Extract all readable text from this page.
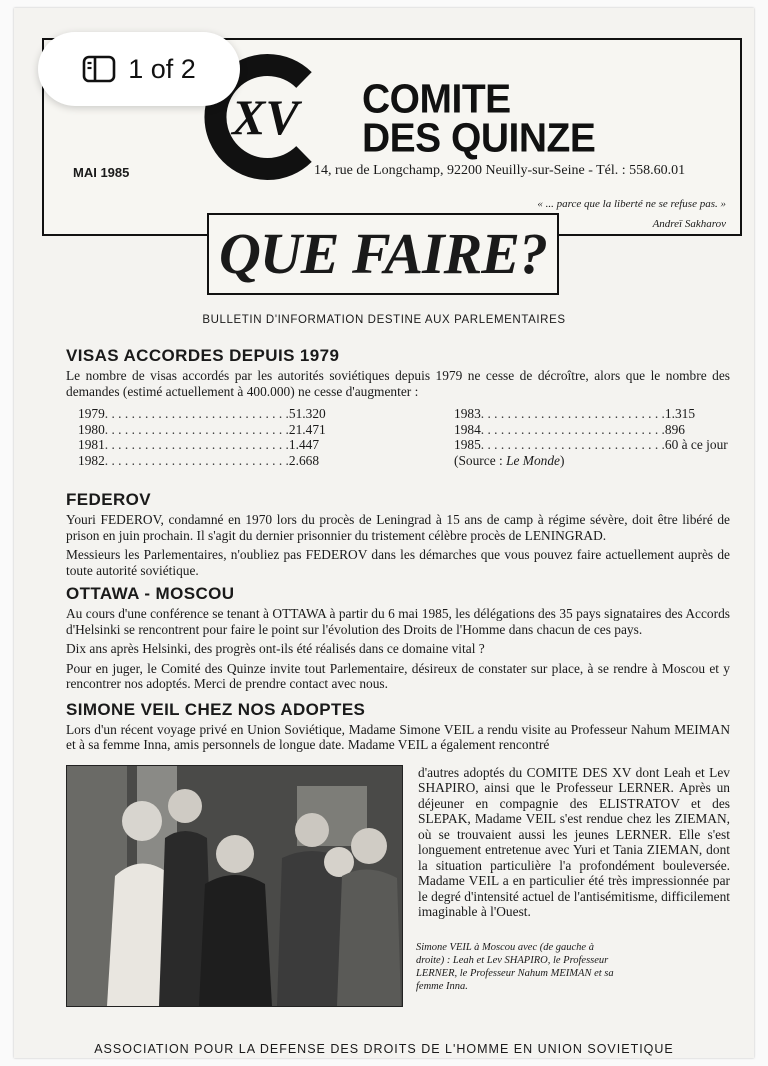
XV COMITE
DES QUINZE
MAI 1985	14, rue de Longchamp, 92200 Neuilly-sur-Seine - Tél. : 558.60.01
« ... parce que la liberté ne se refuse pas. »
Andreï Sakharov
QUE FAIRE?
BULLETIN D'INFORMATION DESTINE AUX PARLEMENTAIRES
VISAS ACCORDES DEPUIS 1979

Le nombre de visas accordés par les autorités soviétiques depuis 1979 ne cesse de décroître, alors que le nombre des demandes (estimé actuellement à 400.000) ne cesse d'augmenter :

1979 . . . . . . . . . . . . . . . . . . . . . . . . . . . . 51.320
1980 . . . . . . . . . . . . . . . . . . . . . . . . . . . . 21.471
1981 . . . . . . . . . . . . . . . . . . . . . . . . . . . . 1.447
1982 . . . . . . . . . . . . . . . . . . . . . . . . . . . . 2.668
1983 . . . . . . . . . . . . . . . . . . . . . . . . . . . . 1.315
1984 . . . . . . . . . . . . . . . . . . . . . . . . . . . . 896
1985 . . . . . . . . . . . . . . . . . . . . . . . . . . . . 60 à ce jour
(Source : Le Monde)
FEDEROV

Youri FEDEROV, condamné en 1970 lors du procès de Leningrad à 15 ans de camp à régime sévère, doit être libéré de prison en juin prochain. Il s'agit du dernier prisonnier du tristement célèbre procès de LENINGRAD.

Messieurs les Parlementaires, n'oubliez pas FEDEROV dans les démarches que vous pouvez faire actuellement auprès de toute autorité soviétique.

OTTAWA - MOSCOU

Au cours d'une conférence se tenant à OTTAWA à partir du 6 mai 1985, les délégations des 35 pays signataires des Accords d'Helsinki se rencontrent pour faire le point sur l'évolution des Droits de l'Homme dans chacun de ces pays.

Dix ans après Helsinki, des progrès ont-ils été réalisés dans ce domaine vital ?

Pour en juger, le Comité des Quinze invite tout Parlementaire, désireux de constater sur place, à se rendre à Moscou et y rencontrer nos adoptés. Merci de prendre contact avec nous.

SIMONE VEIL CHEZ NOS ADOPTES

Lors d'un récent voyage privé en Union Soviétique, Madame Simone VEIL a rendu visite au Professeur Nahum MEIMAN et à sa femme Inna, amis personnels de longue date. Madame VEIL a également rencontré

d'autres adoptés du COMITE DES XV dont Leah et Lev SHAPIRO, ainsi que le Professeur LERNER. Après un déjeuner en compagnie des ELISTRATOV et des SLEPAK, Madame VEIL s'est rendue chez les ZIEMAN, où se trouvaient aussi les jeunes LERNER. Elle s'est longuement entretenue avec Yuri et Tania ZIEMAN, dont la situation particulière l'a profondément bouleversée. Madame VEIL a en particulier été très impressionnée par le degré d'intensité actuel de l'antisémitisme, difficilement imaginable à l'Ouest.
Simone VEIL à Moscou avec (de gauche à droite) : Leah et Lev SHAPIRO, le Professeur LERNER, le Professeur Nahum MEIMAN et sa femme Inna.
ASSOCIATION POUR LA DEFENSE DES DROITS DE L'HOMME EN UNION SOVIETIQUE
1 of 2
